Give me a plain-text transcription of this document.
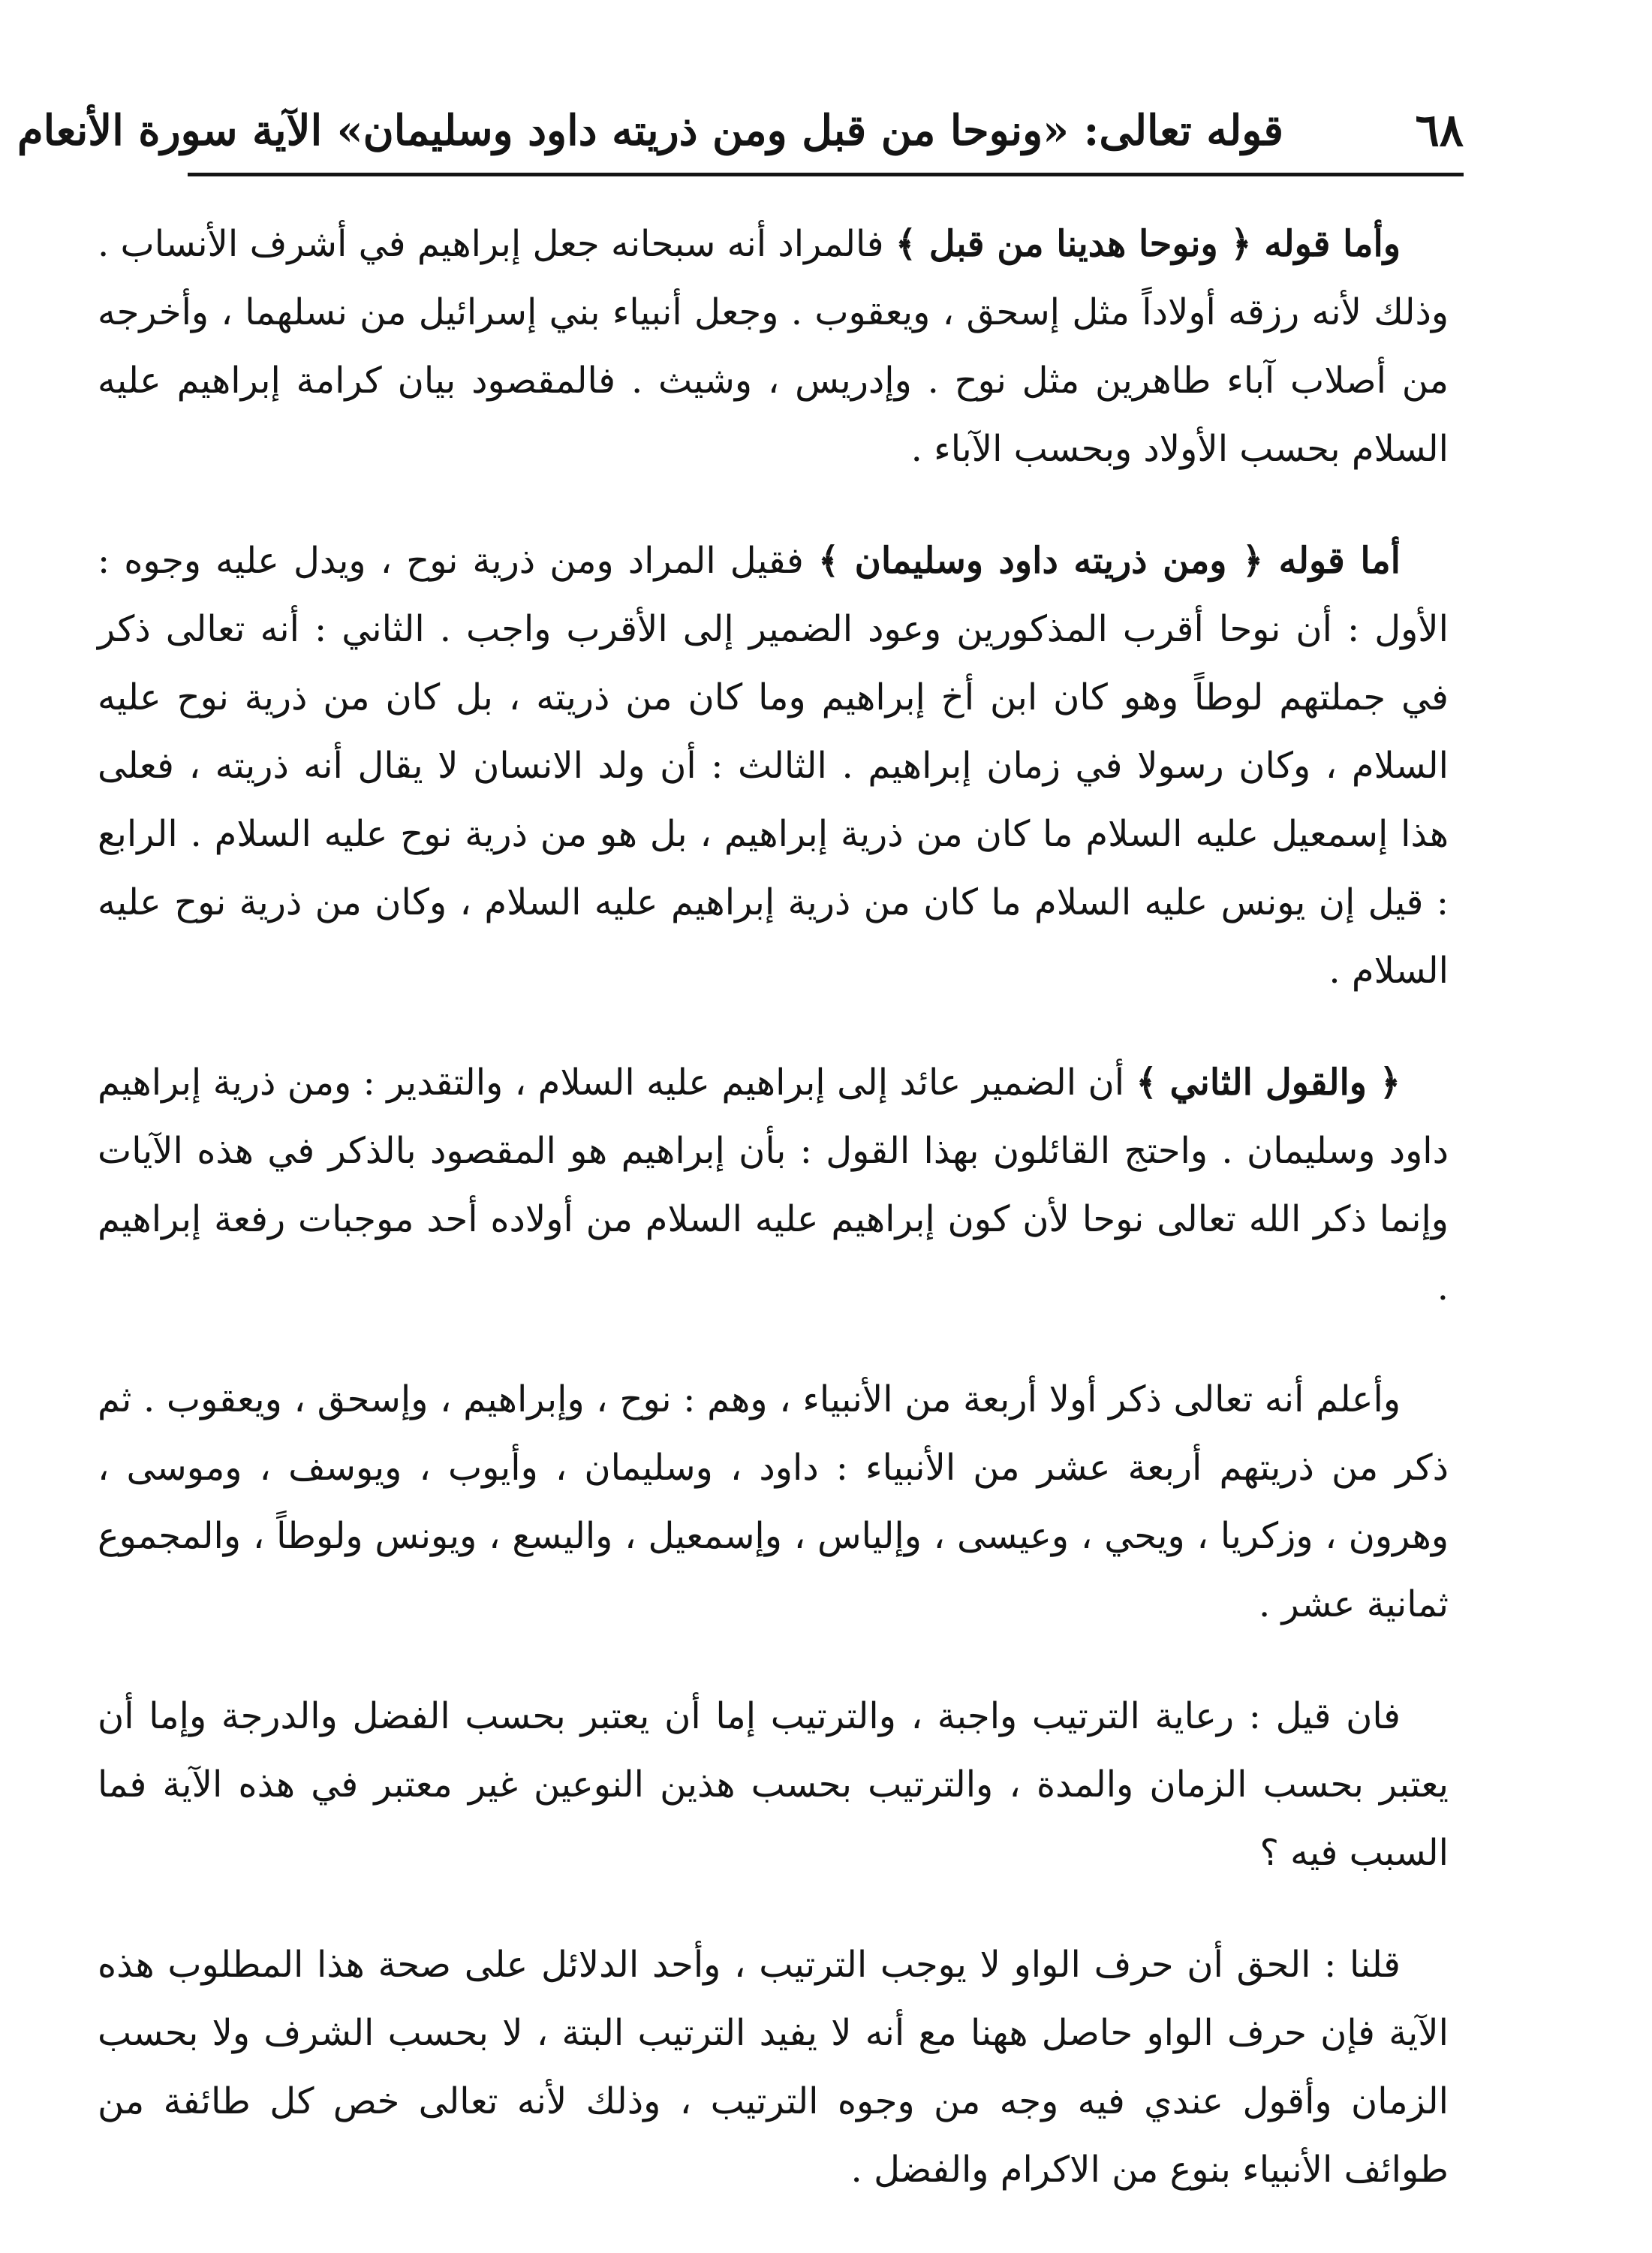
٦٨
قوله تعالى: «ونوحا من قبل ومن ذريته داود وسليمان» الآية سورة الأنعام

وأما قوله ﴿ ونوحا هدينا من قبل ﴾ فالمراد أنه سبحانه جعل إبراهيم في أشرف الأنساب . وذلك لأنه رزقه أولاداً مثل إسحق ، ويعقوب . وجعل أنبياء بني إسرائيل من نسلهما ، وأخرجه من أصلاب آباء طاهرين مثل نوح . وإدريس ، وشيث . فالمقصود بيان كرامة إبراهيم عليه السلام بحسب الأولاد وبحسب الآباء .

أما قوله ﴿ ومن ذريته داود وسليمان ﴾ فقيل المراد ومن ذرية نوح ، ويدل عليه وجوه : الأول : أن نوحا أقرب المذكورين وعود الضمير إلى الأقرب واجب . الثاني : أنه تعالى ذكر في جملتهم لوطاً وهو كان ابن أخ إبراهيم وما كان من ذريته ، بل كان من ذرية نوح عليه السلام ، وكان رسولا في زمان إبراهيم . الثالث : أن ولد الانسان لا يقال أنه ذريته ، فعلى هذا إسمعيل عليه السلام ما كان من ذرية إبراهيم ، بل هو من ذرية نوح عليه السلام . الرابع : قيل إن يونس عليه السلام ما كان من ذرية إبراهيم عليه السلام ، وكان من ذرية نوح عليه السلام .

﴿ والقول الثاني ﴾ أن الضمير عائد إلى إبراهيم عليه السلام ، والتقدير : ومن ذرية إبراهيم داود وسليمان . واحتج القائلون بهذا القول : بأن إبراهيم هو المقصود بالذكر في هذه الآيات وإنما ذكر الله تعالى نوحا لأن كون إبراهيم عليه السلام من أولاده أحد موجبات رفعة إبراهيم .

وأعلم أنه تعالى ذكر أولا أربعة من الأنبياء ، وهم : نوح ، وإبراهيم ، وإسحق ، ويعقوب . ثم ذكر من ذريتهم أربعة عشر من الأنبياء : داود ، وسليمان ، وأيوب ، ويوسف ، وموسى ، وهرون ، وزكريا ، ويحي ، وعيسى ، وإلياس ، وإسمعيل ، واليسع ، ويونس ولوطاً ، والمجموع ثمانية عشر .

فان قيل : رعاية الترتيب واجبة ، والترتيب إما أن يعتبر بحسب الفضل والدرجة وإما أن يعتبر بحسب الزمان والمدة ، والترتيب بحسب هذين النوعين غير معتبر في هذه الآية فما السبب فيه ؟

قلنا : الحق أن حرف الواو لا يوجب الترتيب ، وأحد الدلائل على صحة هذا المطلوب هذه الآية فإن حرف الواو حاصل ههنا مع أنه لا يفيد الترتيب البتة ، لا بحسب الشرف ولا بحسب الزمان وأقول عندي فيه وجه من وجوه الترتيب ، وذلك لأنه تعالى خص كل طائفة من طوائف الأنبياء بنوع من الاكرام والفضل .
